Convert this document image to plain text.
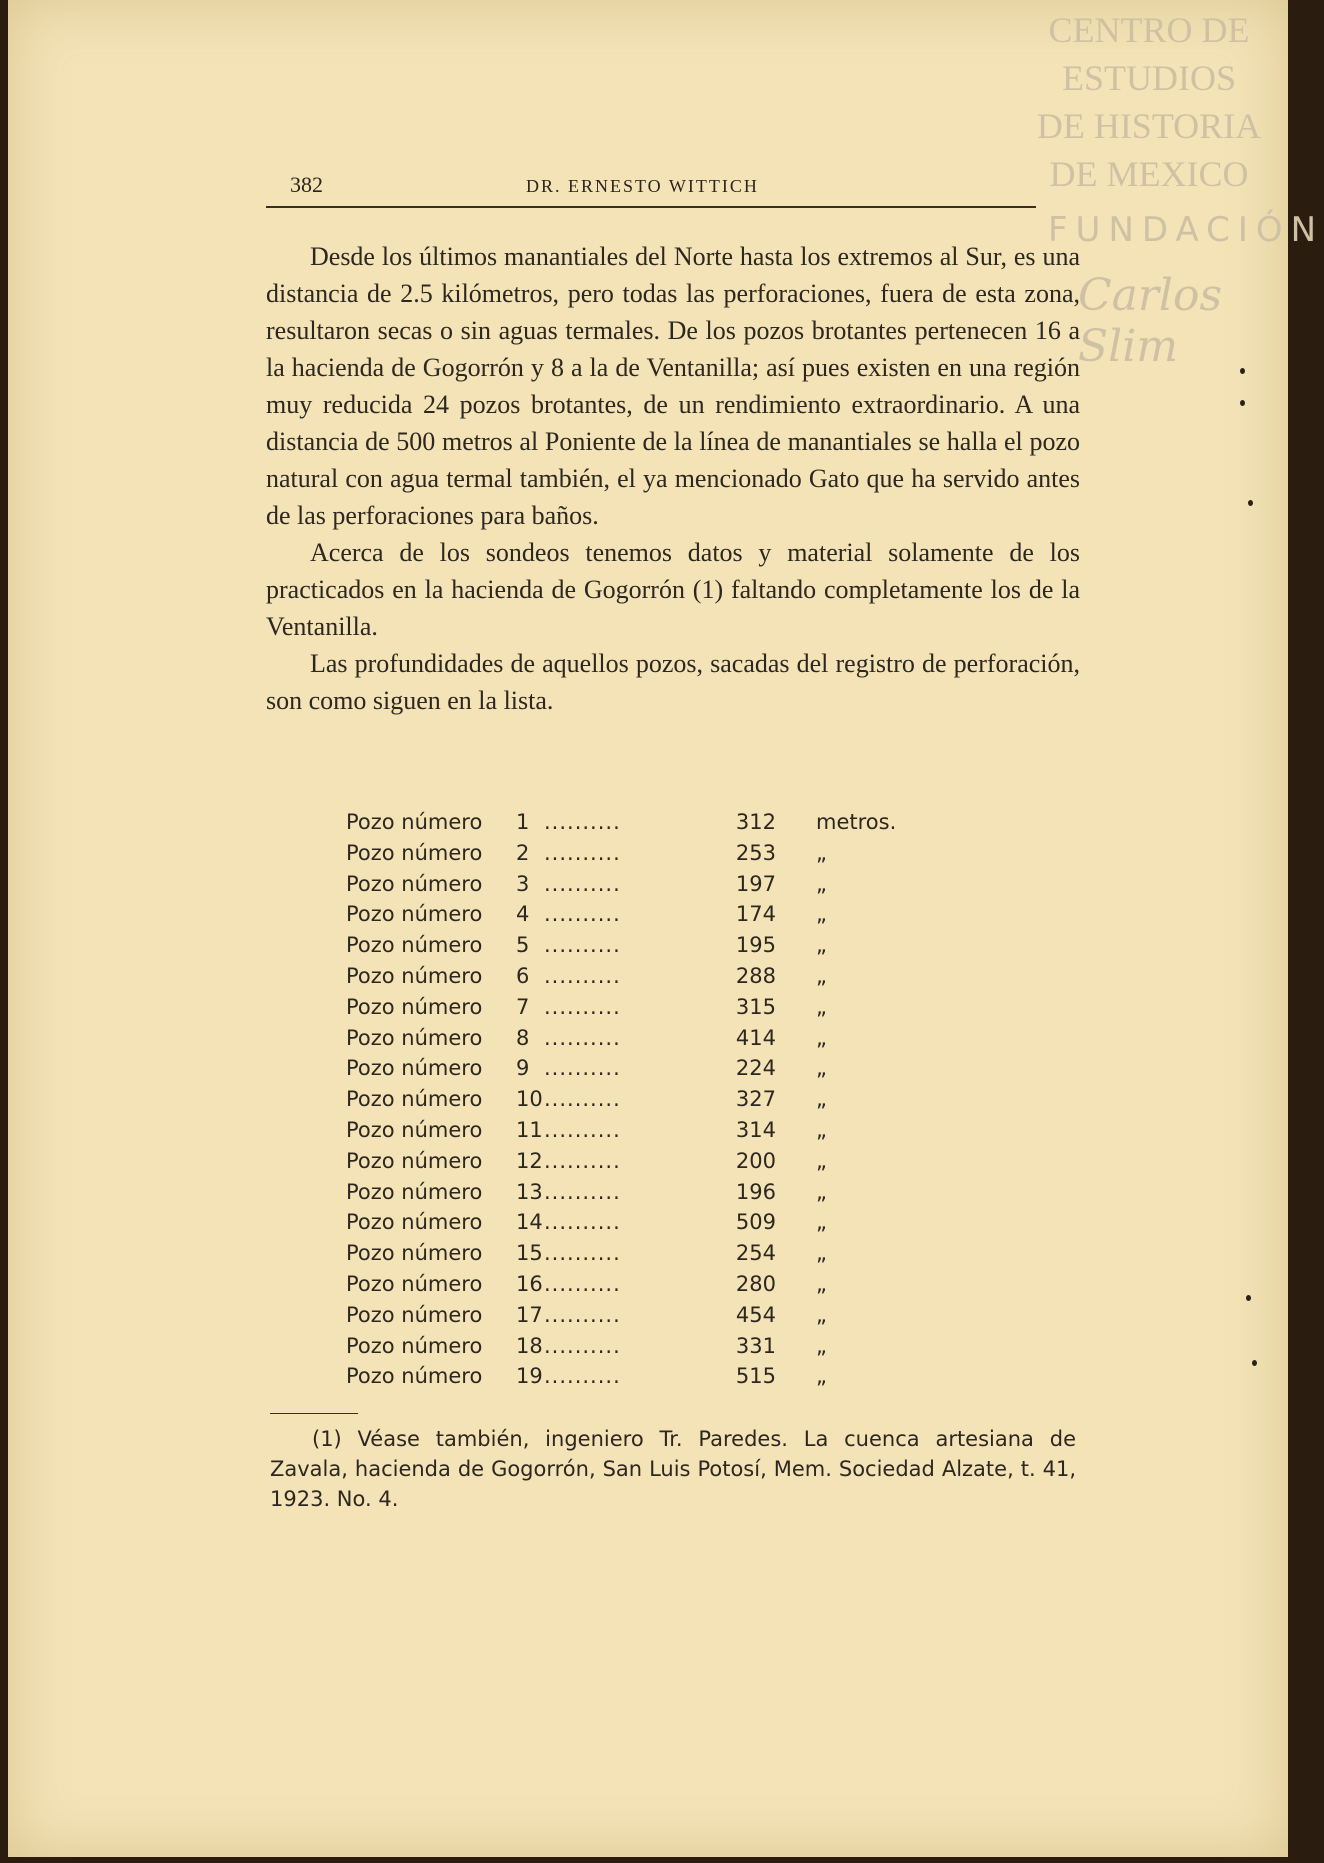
CENTRO DE
ESTUDIOS
DE HISTORIA
DE MEXICO
FUNDACIÓN
Carlos Slim
382	DR. ERNESTO WITTICH

Desde los últimos manantiales del Norte hasta los extremos al Sur, es una distancia de 2.5 kilómetros, pero todas las perforaciones, fuera de esta zona, resultaron secas o sin aguas termales. De los pozos brotantes pertenecen 16 a la hacienda de Gogorrón y 8 a la de Ventanilla; así pues existen en una región muy reducida 24 pozos brotantes, de un rendimiento extraordinario. A una distancia de 500 metros al Poniente de la línea de manantiales se halla el pozo natural con agua termal también, el ya mencionado Gato que ha servido antes de las perforaciones para baños.

Acerca de los sondeos tenemos datos y material solamente de los practicados en la hacienda de Gogorrón (1) faltando completamente los de la Ventanilla.

Las profundidades de aquellos pozos, sacadas del registro de perforación, son como siguen en la lista.

Pozo número 1 ..........	312 metros.
Pozo número 2 ..........	253 „
Pozo número 3 ..........	197 „
Pozo número 4 ..........	174 „
Pozo número 5 ..........	195 „
Pozo número 6 ..........	288 „
Pozo número 7 ..........	315 „
Pozo número 8 ..........	414 „
Pozo número 9 ..........	224 „
Pozo número 10 ..........	327 „
Pozo número 11 ..........	314 „
Pozo número 12 ..........	200 „
Pozo número 13 ..........	196 „
Pozo número 14 ..........	509 „
Pozo número 15 ..........	254 „
Pozo número 16 ..........	280 „
Pozo número 17 ..........	454 „
Pozo número 18 ..........	331 „
Pozo número 19 ..........	515 „

(1) Véase también, ingeniero Tr. Paredes. La cuenca artesiana de Zavala, hacienda de Gogorrón, San Luis Potosí, Mem. Sociedad Alzate, t. 41, 1923. No. 4.
